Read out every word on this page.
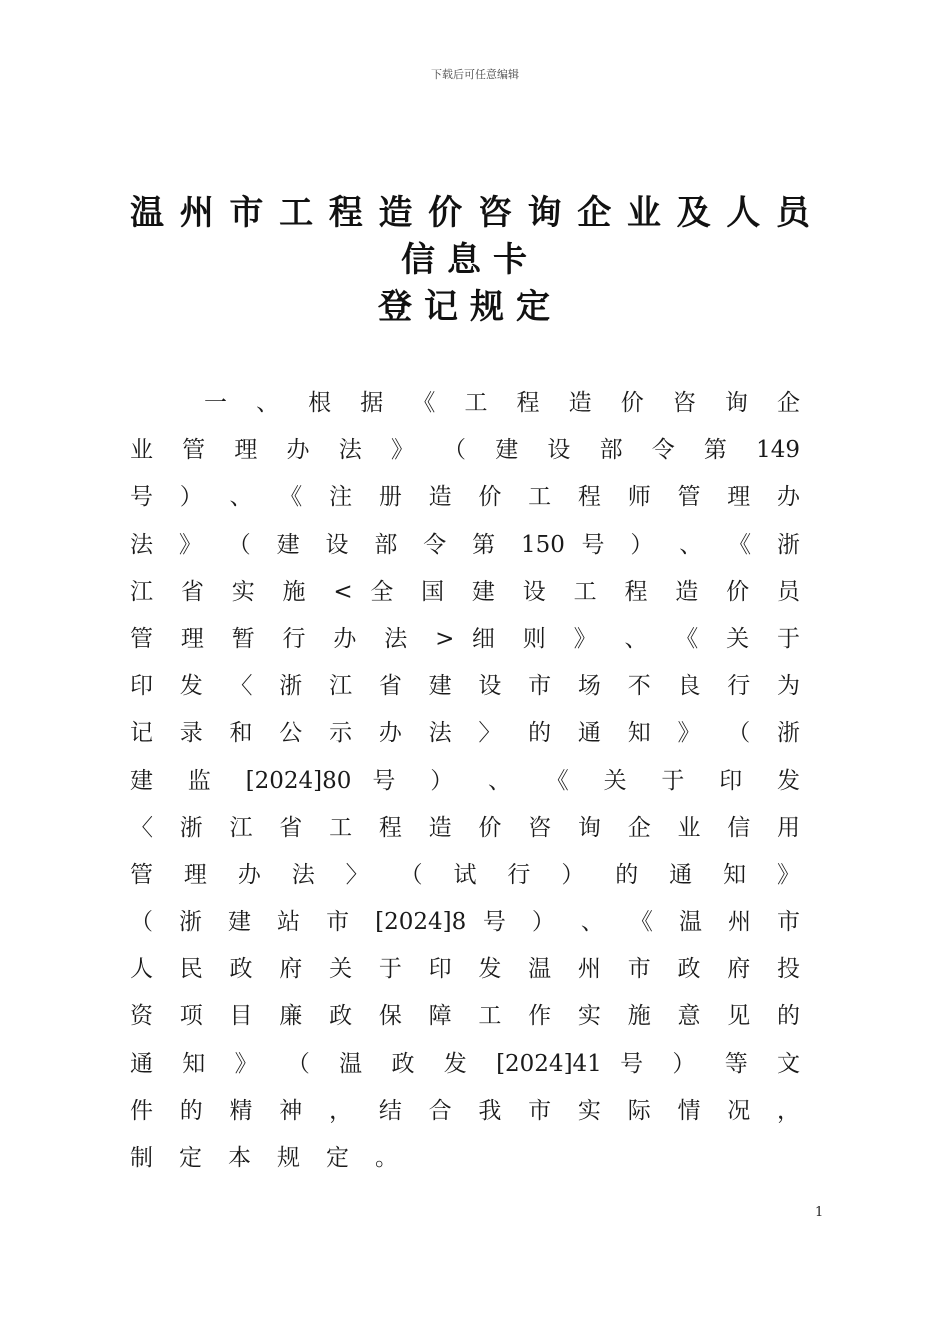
下载后可任意编辑
温州市工程造价咨询企业及人员
信息卡
登记规定
一 、 根 据 《 工 程 造 价 咨 询 企
业 管 理 办 法 》 （ 建 设 部 令 第 149
号 ） 、 《 注 册 造 价 工 程 师 管 理 办
法 》 （ 建 设 部 令 第 150 号 ） 、 《 浙
江 省 实 施 < 全 国 建 设 工 程 造 价 员
管 理 暂 行 办 法 > 细 则 》 、 《 关 于
印 发 〈 浙 江 省 建 设 市 场 不 良 行 为
记 录 和 公 示 办 法 〉 的 通 知 》 （ 浙
建 监 [2024]80 号 ） 、 《 关 于 印 发
〈 浙 江 省 工 程 造 价 咨 询 企 业 信 用
管 理 办 法 〉 （ 试 行 ） 的 通 知 》
（ 浙 建 站 市 [2024]8 号 ） 、 《 温 州 市
人 民 政 府 关 于 印 发 温 州 市 政 府 投
资 项 目 廉 政 保 障 工 作 实 施 意 见 的
通 知 》 （ 温 政 发 [2024]41 号 ） 等 文
件 的 精 神 ， 结 合 我 市 实 际 情 况 ，
制定本规定。
1
